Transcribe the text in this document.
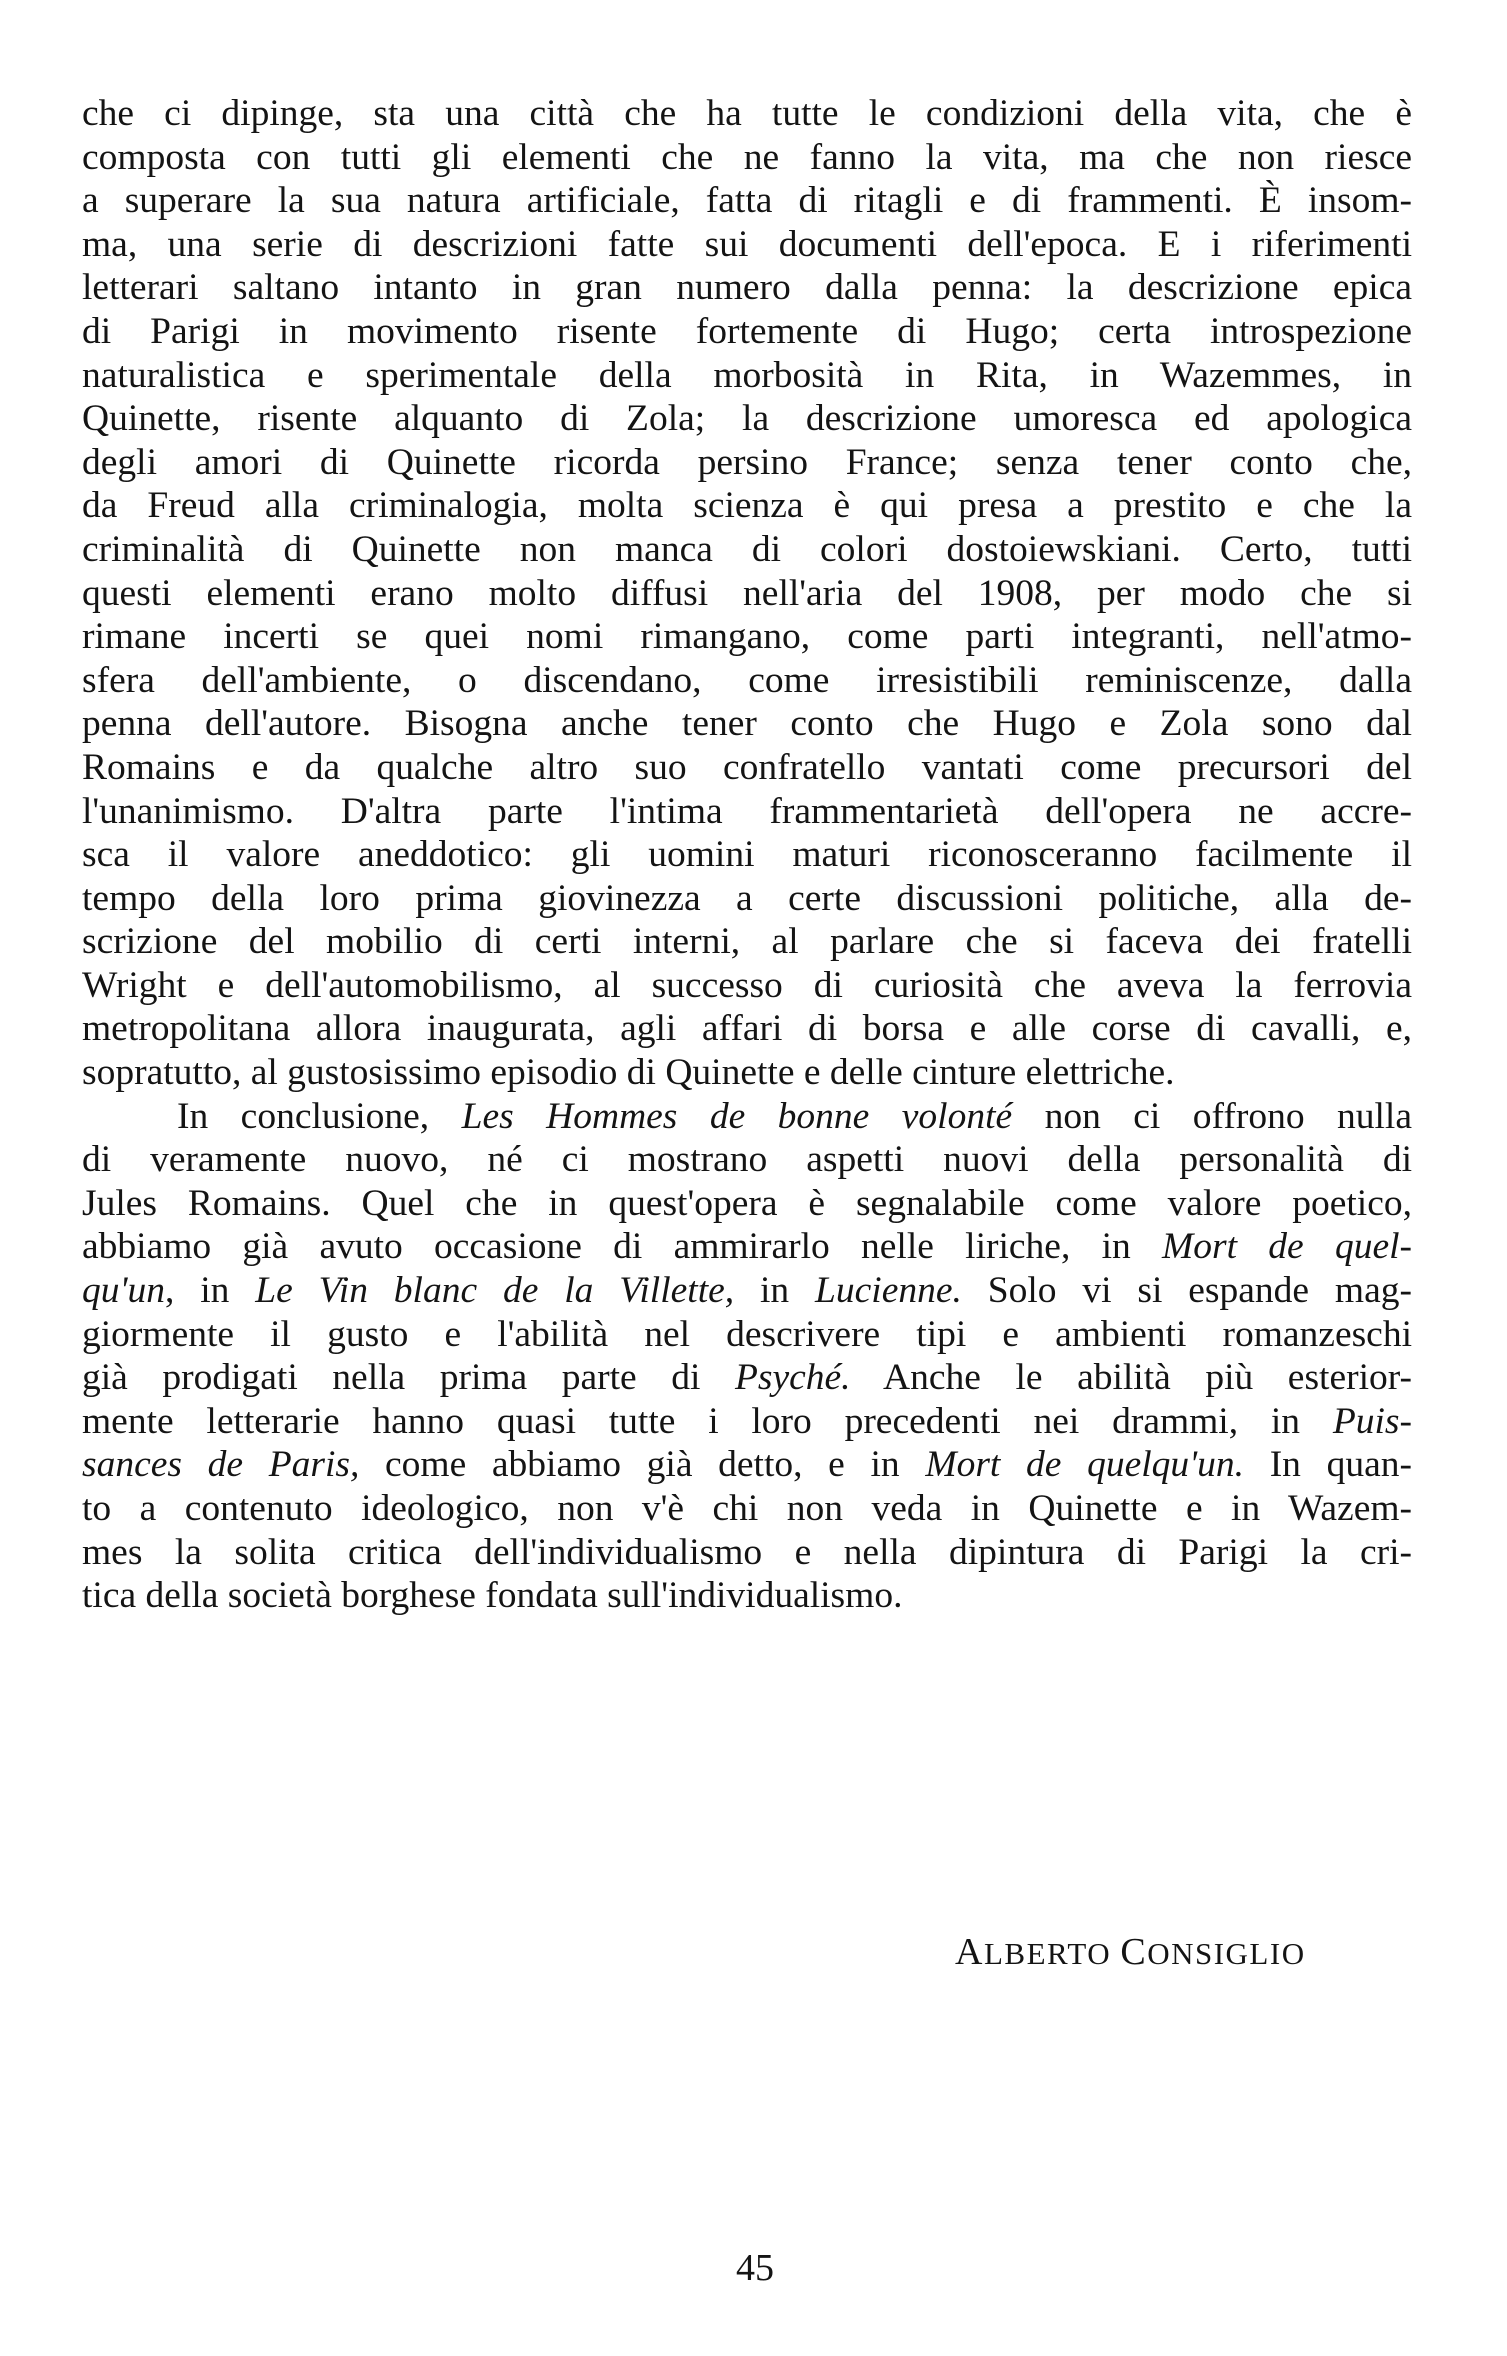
che ci dipinge, sta una città che ha tutte le condizioni della vita, che è
composta con tutti gli elementi che ne fanno la vita, ma che non riesce
a superare la sua natura artificiale, fatta di ritagli e di frammenti. È insom-
ma, una serie di descrizioni fatte sui documenti dell'epoca. E i riferimenti
letterari saltano intanto in gran numero dalla penna: la descrizione epica
di Parigi in movimento risente fortemente di Hugo; certa introspezione
naturalistica e sperimentale della morbosità in Rita, in Wazemmes, in
Quinette, risente alquanto di Zola; la descrizione umoresca ed apologica
degli amori di Quinette ricorda persino France; senza tener conto che,
da Freud alla criminalogia, molta scienza è qui presa a prestito e che la
criminalità di Quinette non manca di colori dostoiewskiani. Certo, tutti
questi elementi erano molto diffusi nell'aria del 1908, per modo che si
rimane incerti se quei nomi rimangano, come parti integranti, nell'atmo-
sfera dell'ambiente, o discendano, come irresistibili reminiscenze, dalla
penna dell'autore. Bisogna anche tener conto che Hugo e Zola sono dal
Romains e da qualche altro suo confratello vantati come precursori del
l'unanimismo. D'altra parte l'intima frammentarietà dell'opera ne accre-
sca il valore aneddotico: gli uomini maturi riconosceranno facilmente il
tempo della loro prima giovinezza a certe discussioni politiche, alla de-
scrizione del mobilio di certi interni, al parlare che si faceva dei fratelli
Wright e dell'automobilismo, al successo di curiosità che aveva la ferrovia
metropolitana allora inaugurata, agli affari di borsa e alle corse di cavalli, e,
sopratutto, al gustosissimo episodio di Quinette e delle cinture elettriche.
In conclusione, Les Hommes de bonne volonté non ci offrono nulla
di veramente nuovo, né ci mostrano aspetti nuovi della personalità di
Jules Romains. Quel che in quest'opera è segnalabile come valore poetico,
abbiamo già avuto occasione di ammirarlo nelle liriche, in Mort de quel-
qu'un, in Le Vin blanc de la Villette, in Lucienne. Solo vi si espande mag-
giormente il gusto e l'abilità nel descrivere tipi e ambienti romanzeschi
già prodigati nella prima parte di Psyché. Anche le abilità più esterior-
mente letterarie hanno quasi tutte i loro precedenti nei drammi, in Puis-
sances de Paris, come abbiamo già detto, e in Mort de quelqu'un. In quan-
to a contenuto ideologico, non v'è chi non veda in Quinette e in Wazem-
mes la solita critica dell'individualismo e nella dipintura di Parigi la cri-
tica della società borghese fondata sull'individualismo.
ALBERTO CONSIGLIO
45
